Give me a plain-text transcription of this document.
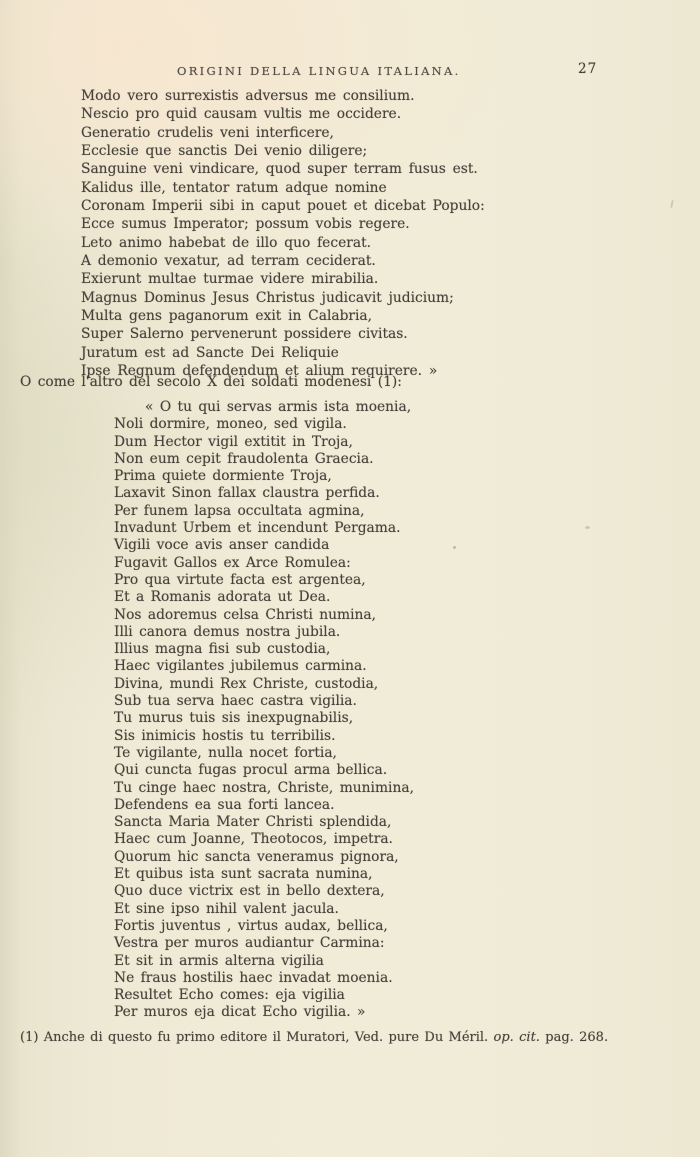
ORIGINI DELLA LINGUA ITALIANA.	27
Modo vero surrexistis adversus me consilium.
Nescio pro quid causam vultis me occidere.
Generatio crudelis veni interficere,
Ecclesie que sanctis Dei venio diligere;
Sanguine veni vindicare, quod super terram fusus est.
Kalidus ille, tentator ratum adque nomine
Coronam Imperii sibi in caput pouet et dicebat Populo:
Ecce sumus Imperator; possum vobis regere.
Leto animo habebat de illo quo fecerat.
A demonio vexatur, ad terram ceciderat.
Exierunt multae turmae videre mirabilia.
Magnus Dominus Jesus Christus judicavit judicium;
Multa gens paganorum exit in Calabria,
Super Salerno pervenerunt possidere civitas.
Juratum est ad Sancte Dei Reliquie
Ipse Regnum defendendum et alium requirere. »
O come l'altro del secolo X dei soldati modenesi (1):
« O tu qui servas armis ista moenia,
Noli dormire, moneo, sed vigila.
Dum Hector vigil extitit in Troja,
Non eum cepit fraudolenta Graecia.
Prima quiete dormiente Troja,
Laxavit Sinon fallax claustra perfida.
Per funem lapsa occultata agmina,
Invadunt Urbem et incendunt Pergama.
Vigili voce avis anser candida
Fugavit Gallos ex Arce Romulea:
Pro qua virtute facta est argentea,
Et a Romanis adorata ut Dea.
Nos adoremus celsa Christi numina,
Illi canora demus nostra jubila.
Illius magna fisi sub custodia,
Haec vigilantes jubilemus carmina.
Divina, mundi Rex Christe, custodia,
Sub tua serva haec castra vigilia.
Tu murus tuis sis inexpugnabilis,
Sis inimicis hostis tu terribilis.
Te vigilante, nulla nocet fortia,
Qui cuncta fugas procul arma bellica.
Tu cinge haec nostra, Christe, munimina,
Defendens ea sua forti lancea.
Sancta Maria Mater Christi splendida,
Haec cum Joanne, Theotocos, impetra.
Quorum hic sancta veneramus pignora,
Et quibus ista sunt sacrata numina,
Quo duce victrix est in bello dextera,
Et sine ipso nihil valent jacula.
Fortis juventus , virtus audax, bellica,
Vestra per muros audiantur Carmina:
Et sit in armis alterna vigilia
Ne fraus hostilis haec invadat moenia.
Resultet Echo comes: eja vigilia
Per muros eja dicat Echo vigilia. »
(1) Anche di questo fu primo editore il Muratori, Ved. pure Du Méril. op. cit. pag. 268.
